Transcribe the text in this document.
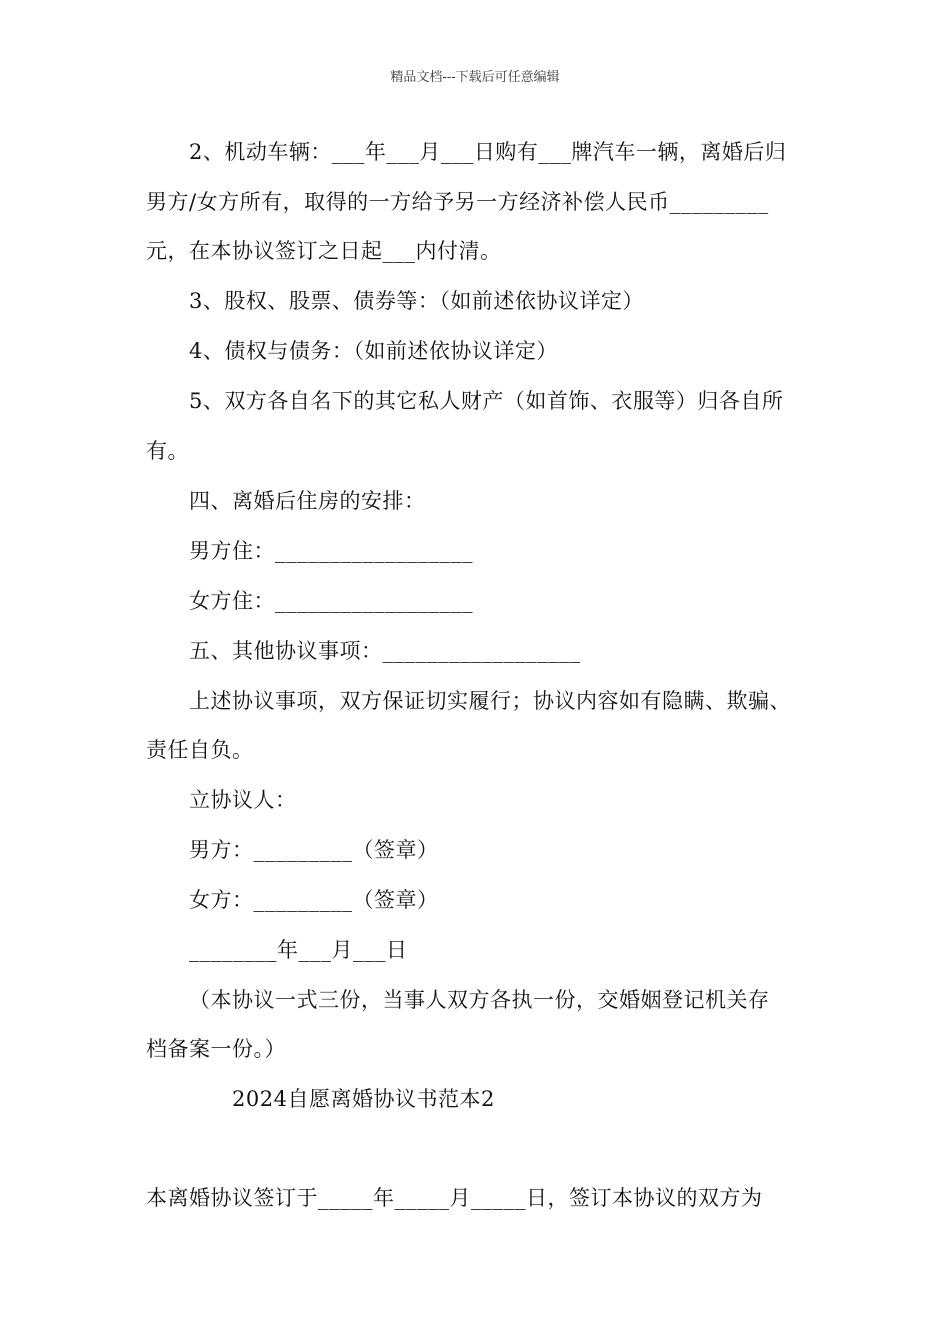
精品文档---下载后可任意编辑
2、机动车辆：___年___月___日购有___牌汽车一辆，离婚后归
男方/女方所有，取得的一方给予另一方经济补偿人民币_________
元，在本协议签订之日起___内付清。
3、股权、股票、债券等：（如前述依协议详定）
4、债权与债务：（如前述依协议详定）
5、双方各自名下的其它私人财产（如首饰、衣服等）归各自所
有。
四、离婚后住房的安排：
男方住：__________________
女方住：__________________
五、其他协议事项：__________________
上述协议事项，双方保证切实履行；协议内容如有隐瞒、欺骗、
责任自负。
立协议人：
男方：_________（签章）
女方：_________（签章）
________年___月___日
（本协议一式三份，当事人双方各执一份，交婚姻登记机关存
档备案一份。）
2024自愿离婚协议书范本2
本离婚协议签订于_____年_____月_____日，签订本协议的双方为
